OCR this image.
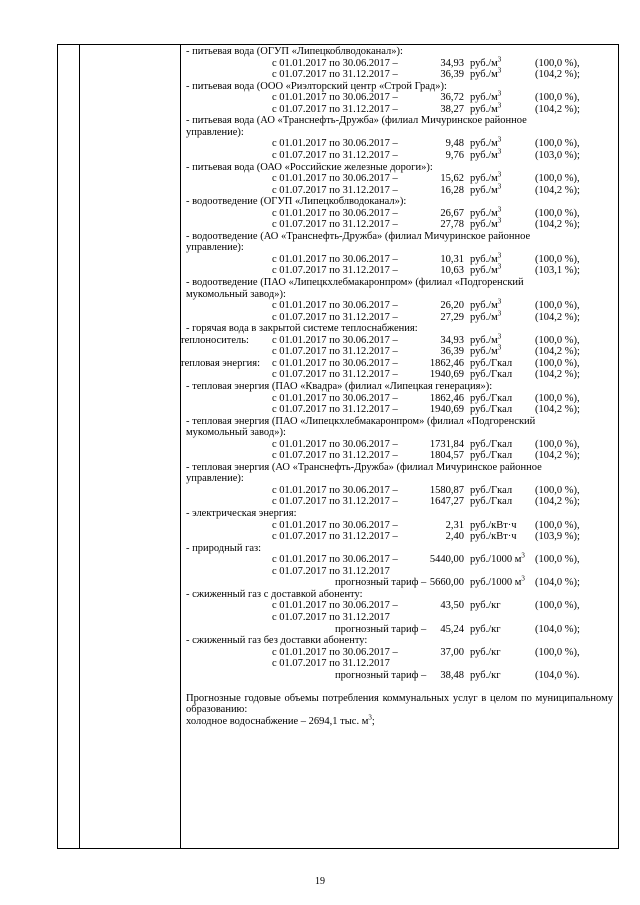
- питьевая вода (ОГУП «Липецкоблводоканал»):
с 01.01.2017 по 30.06.2017 –	34,93 $руб./м^3$	(100,0 %),
с 01.07.2017 по 31.12.2017 –	36,39 $руб./м^3$	(104,2 %);
- питьевая вода (ООО «Риэлторский центр «Строй Град»):
с 01.01.2017 по 30.06.2017 –	36,72 $руб./м^3$	(100,0 %),
с 01.07.2017 по 31.12.2017 –	38,27 $руб./м^3$	(104,2 %);
- питьевая вода (АО «Транснефть-Дружба» (филиал Мичуринское районное
управление):
с 01.01.2017 по 30.06.2017 –	9,48 $руб./м^3$	(100,0 %),
с 01.07.2017 по 31.12.2017 –	9,76 $руб./м^3$	(103,0 %);
- питьевая вода (ОАО «Российские железные дороги»):
с 01.01.2017 по 30.06.2017 –	15,62 $руб./м^3$	(100,0 %),
с 01.07.2017 по 31.12.2017 –	16,28 $руб./м^3$	(104,2 %);
- водоотведение (ОГУП «Липецкоблводоканал»):
с 01.01.2017 по 30.06.2017 –	26,67 $руб./м^3$	(100,0 %),
с 01.07.2017 по 31.12.2017 –	27,78 $руб./м^3$	(104,2 %);
- водоотведение (АО «Транснефть-Дружба» (филиал Мичуринское районное
управление):
с 01.01.2017 по 30.06.2017 –	10,31 $руб./м^3$	(100,0 %),
с 01.07.2017 по 31.12.2017 –	10,63 $руб./м^3$	(103,1 %);
- водоотведение (ПАО «Липецкхлебмакаронпром» (филиал «Подгоренский
мукомольный завод»):
с 01.01.2017 по 30.06.2017 –	26,20 $руб./м^3$	(100,0 %),
с 01.07.2017 по 31.12.2017 –	27,29 $руб./м^3$	(104,2 %);
- горячая вода в закрытой системе теплоснабжения:
теплоноситель: с 01.01.2017 по 30.06.2017 –	34,93 $руб./м^3$	(100,0 %),
с 01.07.2017 по 31.12.2017 –	36,39 $руб./м^3$	(104,2 %);
тепловая энергия: с 01.01.2017 по 30.06.2017 –	1862,46 руб./Гкал (100,0 %),
с 01.07.2017 по 31.12.2017 –	1940,69 руб./Гкал (104,2 %);
- тепловая энергия (ПАО «Квадра» (филиал «Липецкая генерация»):
с 01.01.2017 по 30.06.2017 –	1862,46 руб./Гкал (100,0 %),
с 01.07.2017 по 31.12.2017 –	1940,69 руб./Гкал (104,2 %);
- тепловая энергия (ПАО «Липецкхлебмакаронпром» (филиал «Подгоренский
мукомольный завод»):
с 01.01.2017 по 30.06.2017 –	1731,84 руб./Гкал (100,0 %),
с 01.07.2017 по 31.12.2017 –	1804,57 руб./Гкал (104,2 %);
- тепловая энергия (АО «Транснефть-Дружба» (филиал Мичуринское районное
управление):
с 01.01.2017 по 30.06.2017 –	1580,87 руб./Гкал (100,0 %),
с 01.07.2017 по 31.12.2017 –	1647,27 руб./Гкал (104,2 %);
- электрическая энергия:
с 01.01.2017 по 30.06.2017 –	2,31 руб./кВт·ч (100,0 %),
с 01.07.2017 по 31.12.2017 –	2,40 руб./кВт·ч (103,9 %);
- природный газ:
с 01.01.2017 по 30.06.2017 –	5440,00 руб./1000 $м^3$ (100,0 %),
с 01.07.2017 по 31.12.2017
прогнозный тариф – 5660,00 руб./1000 $м^3$ (104,0 %);
- сжиженный газ с доставкой абоненту:
с 01.01.2017 по 30.06.2017 –	43,50 руб./кг	(100,0 %),
с 01.07.2017 по 31.12.2017
прогнозный тариф –	45,24 руб./кг	(104,0 %);
- сжиженный газ без доставки абоненту:
с 01.01.2017 по 30.06.2017 –	37,00 руб./кг	(100,0 %),
с 01.07.2017 по 31.12.2017
прогнозный тариф –	38,48 руб./кг	(104,0 %).
Прогнозные годовые объемы потребления коммунальных услуг в целом по муниципальному образованию:
холодное водоснабжение – 2694,1 тыс. $м^3$;
19
